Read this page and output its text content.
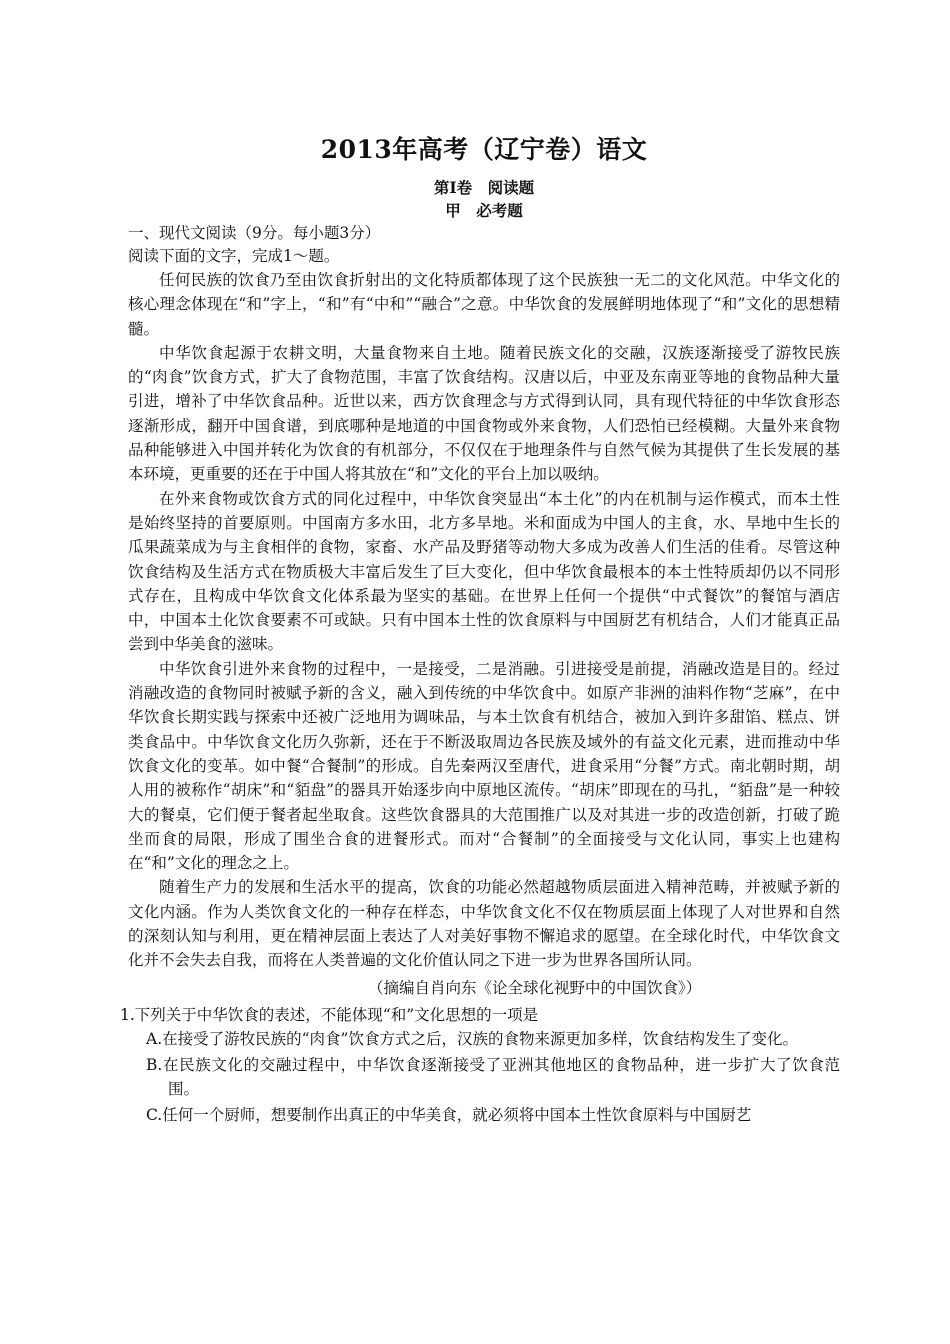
2013年高考（辽宁卷）语文
第Ⅰ卷　阅读题
甲　必考题
一、现代文阅读（9分。每小题3分）
阅读下面的文字，完成1～题。

任何民族的饮食乃至由饮食折射出的文化特质都体现了这个民族独一无二的文化风范。中华文化的核心理念体现在“和”字上，“和”有“中和”“融合”之意。中华饮食的发展鲜明地体现了“和”文化的思想精髓。

中华饮食起源于农耕文明，大量食物来自土地。随着民族文化的交融，汉族逐渐接受了游牧民族的“肉食”饮食方式，扩大了食物范围，丰富了饮食结构。汉唐以后，中亚及东南亚等地的食物品种大量引进，增补了中华饮食品种。近世以来，西方饮食理念与方式得到认同，具有现代特征的中华饮食形态逐渐形成，翻开中国食谱，到底哪种是地道的中国食物或外来食物，人们恐怕已经模糊。大量外来食物品种能够进入中国并转化为饮食的有机部分，不仅仅在于地理条件与自然气候为其提供了生长发展的基本环境，更重要的还在于中国人将其放在“和”文化的平台上加以吸纳。

在外来食物或饮食方式的同化过程中，中华饮食突显出“本土化”的内在机制与运作模式，而本土性是始终坚持的首要原则。中国南方多水田，北方多旱地。米和面成为中国人的主食，水、旱地中生长的瓜果蔬菜成为与主食相伴的食物，家畜、水产品及野猪等动物大多成为改善人们生活的佳肴。尽管这种饮食结构及生活方式在物质极大丰富后发生了巨大变化，但中华饮食最根本的本土性特质却仍以不同形式存在，且构成中华饮食文化体系最为坚实的基础。在世界上任何一个提供“中式餐饮”的餐馆与酒店中，中国本土化饮食要素不可或缺。只有中国本土性的饮食原料与中国厨艺有机结合，人们才能真正品尝到中华美食的滋味。

中华饮食引进外来食物的过程中，一是接受，二是消融。引进接受是前提，消融改造是目的。经过消融改造的食物同时被赋予新的含义，融入到传统的中华饮食中。如原产非洲的油料作物“芝麻”，在中华饮食长期实践与探索中还被广泛地用为调味品，与本土饮食有机结合，被加入到许多甜馅、糕点、饼类食品中。中华饮食文化历久弥新，还在于不断汲取周边各民族及域外的有益文化元素，进而推动中华饮食文化的变革。如中餐“合餐制”的形成。自先秦两汉至唐代，进食采用“分餐”方式。南北朝时期，胡人用的被称作“胡床”和“貊盘”的器具开始逐步向中原地区流传。“胡床”即现在的马扎，“貊盘”是一种较大的餐桌，它们便于餐者起坐取食。这些饮食器具的大范围推广以及对其进一步的改造创新，打破了跪坐而食的局限，形成了围坐合食的进餐形式。而对“合餐制”的全面接受与文化认同，事实上也建构在“和”文化的理念之上。

随着生产力的发展和生活水平的提高，饮食的功能必然超越物质层面进入精神范畴，并被赋予新的文化内涵。作为人类饮食文化的一种存在样态，中华饮食文化不仅在物质层面上体现了人对世界和自然的深刻认知与利用，更在精神层面上表达了人对美好事物不懈追求的愿望。在全球化时代，中华饮食文化并不会失去自我，而将在人类普遍的文化价值认同之下进一步为世界各国所认同。

（摘编自肖向东《论全球化视野中的中国饮食》）
1.下列关于中华饮食的表述，不能体现“和”文化思想的一项是
A.在接受了游牧民族的“肉食”饮食方式之后，汉族的食物来源更加多样，饮食结构发生了变化。
B.在民族文化的交融过程中，中华饮食逐渐接受了亚洲其他地区的食物品种，进一步扩大了饮食范围。
C.任何一个厨师，想要制作出真正的中华美食，就必须将中国本土性饮食原料与中国厨艺
